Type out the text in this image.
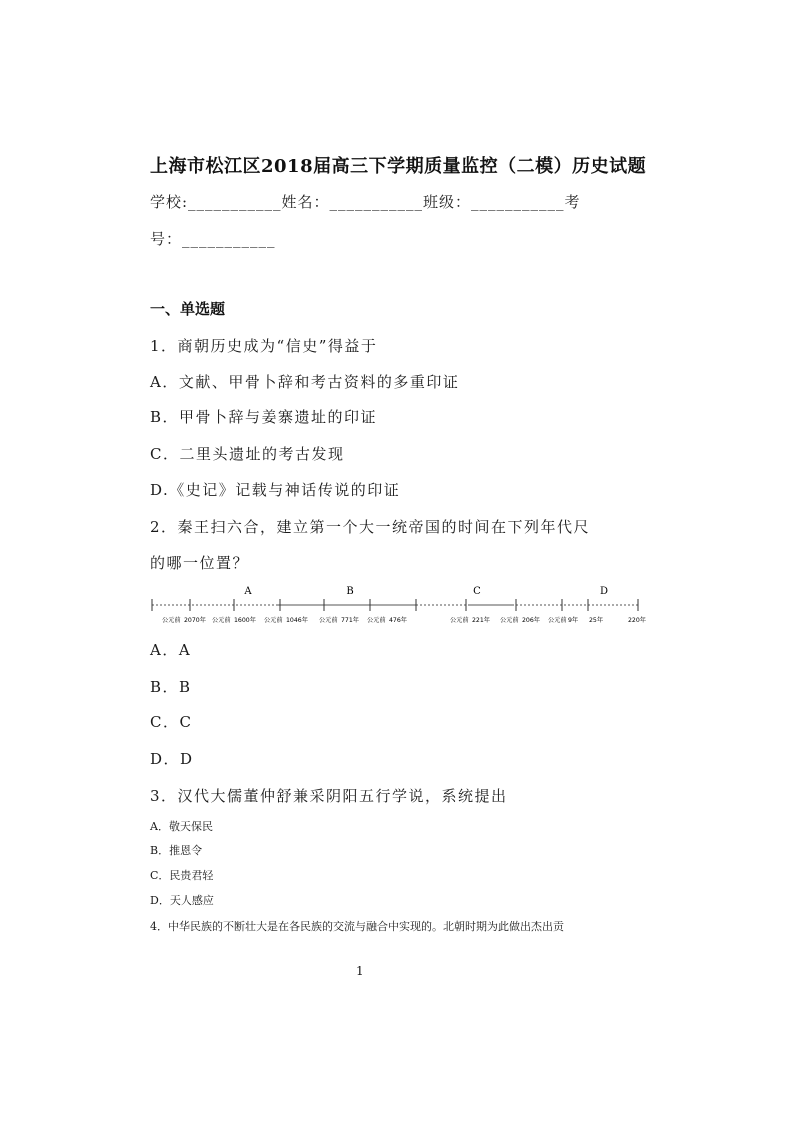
上海市松江区2018届高三下学期质量监控（二模）历史试题
学校:___________姓名：___________班级：___________考
号：___________
一、单选题
1．商朝历史成为“信史”得益于
A．文献、甲骨卜辞和考古资料的多重印证
B．甲骨卜辞与姜寨遗址的印证
C．二里头遗址的考古发现
D.《史记》记载与神话传说的印证
2．秦王扫六合，建立第一个大一统帝国的时间在下列年代尺
的哪一位置？
A	B	C	D
公元前 2070年 公元前 1600年 公元前 1046年 公元前 771年 公元前 476年	公元前 221年 公元前 206年 公元前 9年 25年	220年
A．A
B．B
C．C
D．D
3．汉代大儒董仲舒兼采阴阳五行学说，系统提出
A．敬天保民
B．推恩令
C．民贵君轻
D．天人感应
4．中华民族的不断壮大是在各民族的交流与融合中实现的。北朝时期为此做出杰出贡
1
